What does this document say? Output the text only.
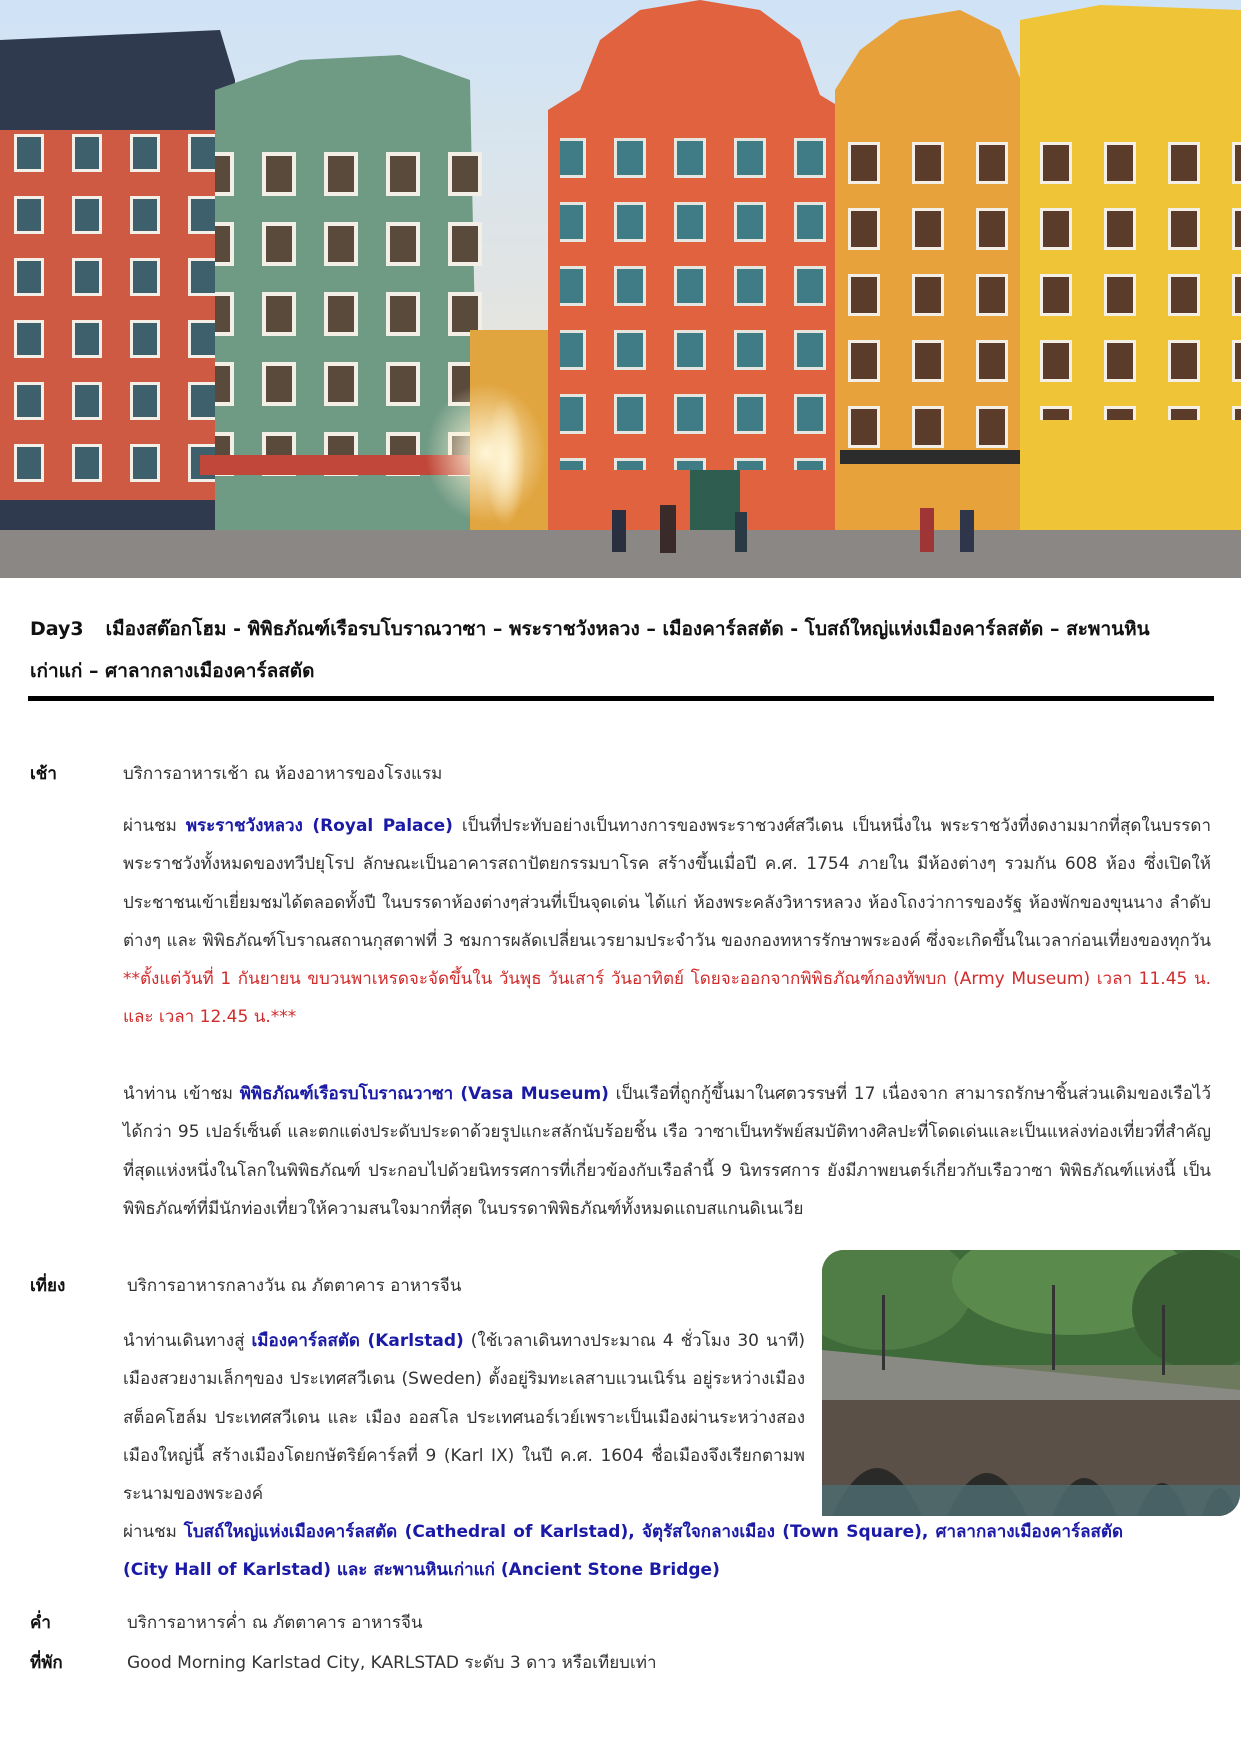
Day3 เมืองสต๊อกโฮม - พิพิธภัณฑ์เรือรบโบราณวาซา – พระราชวังหลวง – เมืองคาร์ลสตัด - โบสถ์ใหญ่แห่งเมืองคาร์ลสตัด – สะพานหิน
เก่าแก่ – ศาลากลางเมืองคาร์ลสตัด
เช้า	บริการอาหารเช้า ณ ห้องอาหารของโรงแรม
ผ่านชม พระราชวังหลวง (Royal Palace) เป็นที่ประทับอย่างเป็นทางการของพระราชวงศ์สวีเดน เป็นหนึ่งใน พระราชวังที่งดงามมากที่สุดในบรรดาพระราชวังทั้งหมดของทวีปยุโรป ลักษณะเป็นอาคารสถาปัตยกรรมบาโรค สร้างขึ้นเมื่อปี ค.ศ. 1754 ภายใน มีห้องต่างๆ รวมกัน 608 ห้อง ซึ่งเปิดให้ประชาชนเข้าเยี่ยมชมได้ตลอดทั้งปี ในบรรดาห้องต่างๆส่วนที่เป็นจุดเด่น ได้แก่ ห้องพระคลังวิหารหลวง ห้องโถงว่าการของรัฐ ห้องพักของขุนนาง ลำดับต่างๆ และ พิพิธภัณฑ์โบราณสถานกุสตาฟที่ 3 ชมการผลัดเปลี่ยนเวรยามประจำวัน ของกองทหารรักษาพระองค์ ซึ่งจะเกิดขึ้นในเวลาก่อนเที่ยงของทุกวัน **ตั้งแต่วันที่ 1 กันยายน ขบวนพาเหรดจะจัดขึ้นใน วันพุธ วันเสาร์ วันอาทิตย์ โดยจะออกจากพิพิธภัณฑ์กองทัพบก (Army Museum) เวลา 11.45 น. และ เวลา 12.45 น.***
นำท่าน เข้าชม พิพิธภัณฑ์เรือรบโบราณวาซา (Vasa Museum) เป็นเรือที่ถูกกู้ขึ้นมาในศตวรรษที่ 17 เนื่องจาก สามารถรักษาชิ้นส่วนเดิมของเรือไว้ได้กว่า 95 เปอร์เซ็นต์ และตกแต่งประดับประดาด้วยรูปแกะสลักนับร้อยชิ้น เรือ วาซาเป็นทรัพย์สมบัติทางศิลปะที่โดดเด่นและเป็นแหล่งท่องเที่ยวที่สำคัญที่สุดแห่งหนึ่งในโลกในพิพิธภัณฑ์ ประกอบไปด้วยนิทรรศการที่เกี่ยวข้องกับเรือลำนี้ 9 นิทรรศการ ยังมีภาพยนตร์เกี่ยวกับเรือวาซา พิพิธภัณฑ์แห่งนี้ เป็นพิพิธภัณฑ์ที่มีนักท่องเที่ยวให้ความสนใจมากที่สุด ในบรรดาพิพิธภัณฑ์ทั้งหมดแถบสแกนดิเนเวีย
เที่ยง	บริการอาหารกลางวัน ณ ภัตตาคาร อาหารจีน
นำท่านเดินทางสู่ เมืองคาร์ลสตัด (Karlstad) (ใช้เวลาเดินทางประมาณ 4 ชั่วโมง 30 นาที) เมืองสวยงามเล็กๆของ ประเทศสวีเดน (Sweden) ตั้งอยู่ริมทะเลสาบแวนเนิร์น อยู่ระหว่างเมืองสต็อคโฮล์ม ประเทศสวีเดน และ เมือง ออสโล ประเทศนอร์เวย์เพราะเป็นเมืองผ่านระหว่างสองเมืองใหญ่นี้ สร้างเมืองโดยกษัตริย์คาร์ลที่ 9 (Karl IX) ในปี ค.ศ. 1604 ชื่อเมืองจึงเรียกตามพระนามของพระองค์
ผ่านชม โบสถ์ใหญ่แห่งเมืองคาร์ลสตัด (Cathedral of Karlstad), จัตุรัสใจกลางเมือง (Town Square), ศาลากลางเมืองคาร์ลสตัด (City Hall of Karlstad) และ สะพานหินเก่าแก่ (Ancient Stone Bridge)
ค่ำ	บริการอาหารค่ำ ณ ภัตตาคาร อาหารจีน
ที่พัก	Good Morning Karlstad City, KARLSTAD ระดับ 3 ดาว หรือเทียบเท่า
